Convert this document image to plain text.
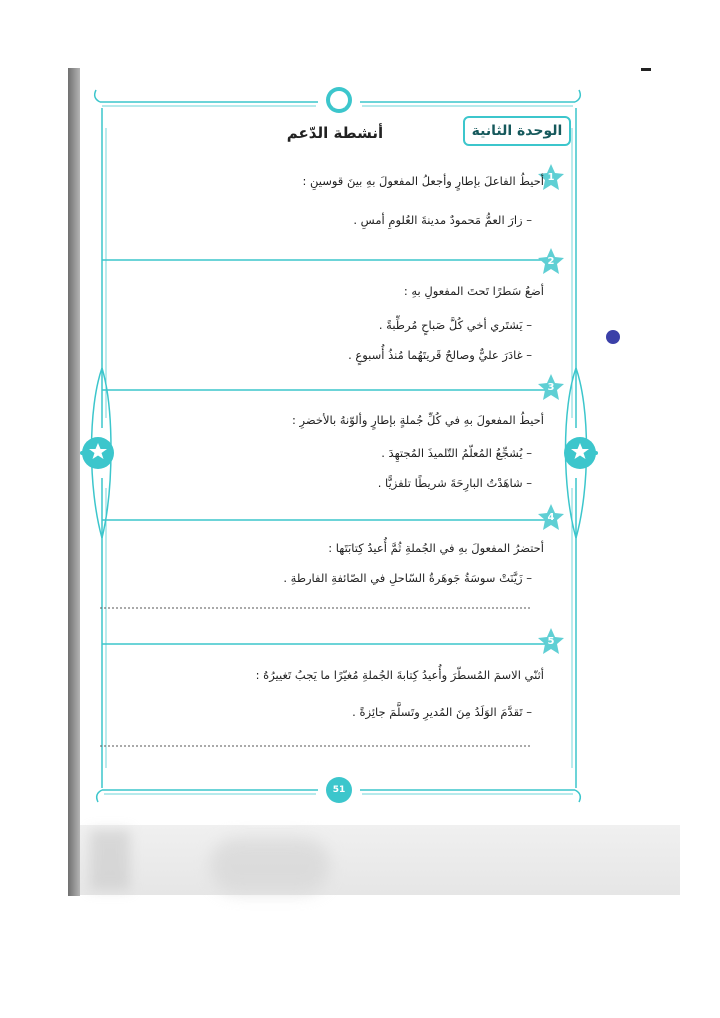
الوحدة الثانية
أنشطة الدّعم
1
أحيطُ الفاعلَ بإطارٍ وأجعلُ المفعولَ بهِ بينَ قوسينِ :
– زارَ العمُّ مَحمودٌ مدينةَ العُلومِ أمسِ .
2
أضعُ سَطرًا تَحتَ المفعولِ بهِ :
– يَشتَري أخي كُلَّ صَباحٍ مُرطِّبةً .
– غادَرَ عليٌّ وصالحٌ قَريتَهُما مُنذُ أُسبوعٍ .
3
أحيطُ المفعولَ بهِ في كُلِّ جُملةٍ بإطارٍ وألوّنهُ بالأخضرِ :
– يُشجِّعُ المُعلّمُ التّلميذَ المُجتهِدَ .
– شاهَدْتُ البارِحَةَ شريطًا تلفزيًّا .
4
أحتضرُ المفعولَ بهِ في الجُملةِ ثُمَّ أُعيدُ كِتابَتَها :
– زَيَّنَتْ سوسَةُ جَوهَرةُ السّاحلِ في الصّائفةِ الفارطةِ .
5
أثنّي الاسمَ المُسطّرَ وأُعيدُ كِتابةَ الجُملةِ مُغيّرًا ما يَجبُ تَغييرُهُ :
– تَقدَّمَ الوَلَدُ مِنَ المُديرِ وتَسلَّمَ جائِزةً .
51
